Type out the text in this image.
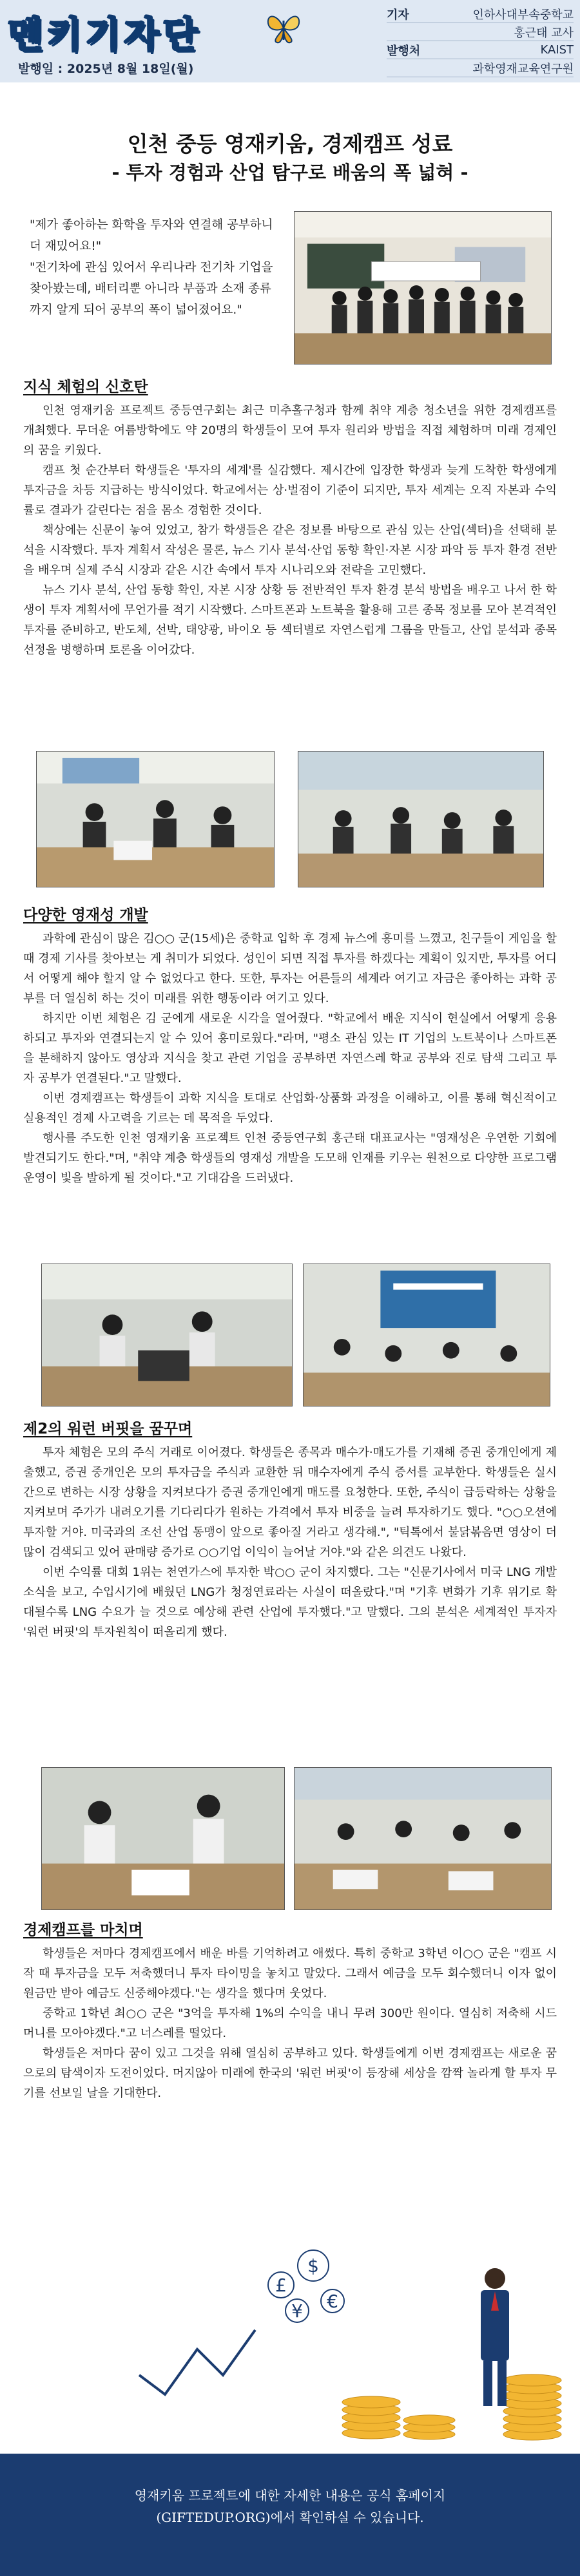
멘키기자단	기자	인하사대부속중학교
홍근태 교사
발행처	KAIST
과학영재교육연구원
발행일 : 2025년 8월 18일(월)
인천 중등 영재키움, 경제캠프 성료
- 투자 경험과 산업 탐구로 배움의 폭 넓혀 -

"제가 좋아하는 화학을 투자와 연결해 공부하니 더 재밌어요!"

"전기차에 관심 있어서 우리나라 전기차 기업을 찾아봤는데, 배터리뿐 아니라 부품과 소재 종류까지 알게 되어 공부의 폭이 넓어졌어요."

지식 체험의 신호탄

인천 영재키움 프로젝트 중등연구회는 최근 미추홀구청과 함께 취약 계층 청소년을 위한 경제캠프를 개최했다. 무더운 여름방학에도 약 20명의 학생들이 모여 투자 원리와 방법을 직접 체험하며 미래 경제인의 꿈을 키웠다.

캠프 첫 순간부터 학생들은 '투자의 세계'를 실감했다. 제시간에 입장한 학생과 늦게 도착한 학생에게 투자금을 차등 지급하는 방식이었다. 학교에서는 상·벌점이 기준이 되지만, 투자 세계는 오직 자본과 수익률로 결과가 갈린다는 점을 몸소 경험한 것이다.

책상에는 신문이 놓여 있었고, 참가 학생들은 같은 정보를 바탕으로 관심 있는 산업(섹터)을 선택해 분석을 시작했다. 투자 계획서 작성은 물론, 뉴스 기사 분석·산업 동향 확인·자본 시장 파악 등 투자 환경 전반을 배우며 실제 주식 시장과 같은 시간 속에서 투자 시나리오와 전략을 고민했다.

뉴스 기사 분석, 산업 동향 확인, 자본 시장 상황 등 전반적인 투자 환경 분석 방법을 배우고 나서 한 학생이 투자 계획서에 무언가를 적기 시작했다. 스마트폰과 노트북을 활용해 고른 종목 정보를 모아 본격적인 투자를 준비하고, 반도체, 선박, 태양광, 바이오 등 섹터별로 자연스럽게 그룹을 만들고, 산업 분석과 종목 선정을 병행하며 토론을 이어갔다.

다양한 영재성 개발

과학에 관심이 많은 김○○ 군(15세)은 중학교 입학 후 경제 뉴스에 흥미를 느꼈고, 친구들이 게임을 할 때 경제 기사를 찾아보는 게 취미가 되었다. 성인이 되면 직접 투자를 하겠다는 계획이 있지만, 투자를 어디서 어떻게 해야 할지 알 수 없었다고 한다. 또한, 투자는 어른들의 세계라 여기고 자금은 좋아하는 과학 공부를 더 열심히 하는 것이 미래를 위한 행동이라 여기고 있다.

하지만 이번 체험은 김 군에게 새로운 시각을 열어줬다. "학교에서 배운 지식이 현실에서 어떻게 응용하되고 투자와 연결되는지 알 수 있어 흥미로웠다."라며, "평소 관심 있는 IT 기업의 노트북이나 스마트폰을 분해하지 않아도 영상과 지식을 찾고 관련 기업을 공부하면 자연스레 학교 공부와 진로 탐색 그리고 투자 공부가 연결된다."고 말했다.

이번 경제캠프는 학생들이 과학 지식을 토대로 산업화·상품화 과정을 이해하고, 이를 통해 혁신적이고 실용적인 경제 사고력을 기르는 데 목적을 두었다.

행사를 주도한 인천 영재키움 프로젝트 인천 중등연구회 홍근태 대표교사는 "영재성은 우연한 기회에 발견되기도 한다."며, "취약 계층 학생들의 영재성 개발을 도모해 인재를 키우는 원천으로 다양한 프로그램 운영이 빛을 발하게 될 것이다."고 기대감을 드러냈다.

제2의 워런 버핏을 꿈꾸며

투자 체험은 모의 주식 거래로 이어졌다. 학생들은 종목과 매수가·매도가를 기재해 증권 중개인에게 제출했고, 증권 중개인은 모의 투자금을 주식과 교환한 뒤 매수자에게 주식 증서를 교부한다. 학생들은 실시간으로 변하는 시장 상황을 지켜보다가 증권 중개인에게 매도를 요청한다. 또한, 주식이 급등락하는 상황을 지켜보며 주가가 내려오기를 기다리다가 원하는 가격에서 투자 비중을 늘려 투자하기도 했다. "○○오션에 투자할 거야. 미국과의 조선 산업 동맹이 앞으로 좋아질 거라고 생각해.", "틱톡에서 불닭볶음면 영상이 더 많이 검색되고 있어 판매량 증가로 ○○기업 이익이 늘어날 거야."와 같은 의견도 나왔다.

이번 수익률 대회 1위는 천연가스에 투자한 박○○ 군이 차지했다. 그는 "신문기사에서 미국 LNG 개발 소식을 보고, 수입시기에 배웠던 LNG가 청정연료라는 사실이 떠올랐다."며 "기후 변화가 기후 위기로 확대될수록 LNG 수요가 늘 것으로 예상해 관련 산업에 투자했다."고 말했다. 그의 분석은 세계적인 투자자 '워런 버핏'의 투자원칙이 떠올리게 했다.

경제캠프를 마치며

학생들은 저마다 경제캠프에서 배운 바를 기억하려고 애썼다. 특히 중학교 3학년 이○○ 군은 "캠프 시작 때 투자금을 모두 저축했더니 투자 타이밍을 놓치고 말았다. 그래서 예금을 모두 회수했더니 이자 없이 원금만 받아 예금도 신중해야겠다."는 생각을 했다며 웃었다.

중학교 1학년 최○○ 군은 "3억을 투자해 1%의 수익을 내니 무려 300만 원이다. 열심히 저축해 시드머니를 모아야겠다."고 너스레를 떨었다.

학생들은 저마다 꿈이 있고 그것을 위해 열심히 공부하고 있다. 학생들에게 이번 경제캠프는 새로운 꿈으로의 탐색이자 도전이었다. 머지않아 미래에 한국의 '워런 버핏'이 등장해 세상을 깜짝 놀라게 할 투자 무기를 선보일 날을 기대한다.

£
$
¥ €
영재키움 프로젝트에 대한 자세한 내용은 공식 홈페이지
(GIFTEDUP.ORG)에서 확인하실 수 있습니다.
